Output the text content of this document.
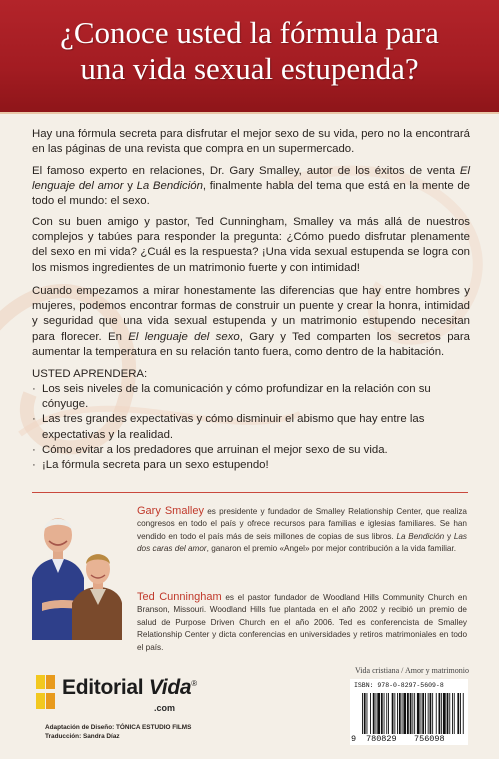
¿Conoce usted la fórmula para
una vida sexual estupenda?
Hay una fórmula secreta para disfrutar el mejor sexo de su vida, pero no la encontrará en las páginas de una revista que compra en un supermercado.
El famoso experto en relaciones, Dr. Gary Smalley, autor de los éxitos de venta El lenguaje del amor y La Bendición, finalmente habla del tema que está en la mente de todo el mundo: el sexo.
Con su buen amigo y pastor, Ted Cunningham, Smalley va más allá de nuestros complejos y tabúes para responder la pregunta: ¿Cómo puedo disfrutar plenamente del sexo en mi vida? ¿Cuál es la respuesta? ¡Una vida sexual estupenda se logra con los mismos ingredientes de un matrimonio fuerte y con intimidad!
Cuando empezamos a mirar honestamente las diferencias que hay entre hombres y mujeres, podemos encontrar formas de construir un puente y crear la honra, intimidad y seguridad que una vida sexual estupenda y un matrimonio estupendo necesitan para florecer. En El lenguaje del sexo, Gary y Ted comparten los secretos para aumentar la temperatura en su relación tanto fuera, como dentro de la habitación.
USTED APRENDERA:
· Los seis niveles de la comunicación y cómo profundizar en la relación con su cónyuge.
· Las tres grandes expectativas y cómo disminuir el abismo que hay entre las expectativas y la realidad.
· Cómo evitar a los predadores que arruinan el mejor sexo de su vida.
· ¡La fórmula secreta para un sexo estupendo!
Gary Smalley es presidente y fundador de Smalley Relationship Center, que realiza congresos en todo el país y ofrece recursos para familias e iglesias familiares. Se han vendido en todo el país más de seis millones de copias de sus libros. La Bendición y Las dos caras del amor, ganaron el premio «Angel» por mejor contribución a la vida familiar.
Ted Cunningham es el pastor fundador de Woodland Hills Community Church en Branson, Missouri. Woodland Hills fue plantada en el año 2002 y recibió un premio de salud de Purpose Driven Church en el año 2006. Ted es conferencista de Smalley Relationship Center y dicta conferencias en universidades y retiros matrimoniales en todo el país.
Editorial Vida®
.com
Adaptación de Diseño: TÓNICA ESTUDIO FILMS
Traducción: Sandra Díaz
Vida cristiana / Amor y matrimonio
ISBN: 978-0-8297-5609-8
9 780829 756098
